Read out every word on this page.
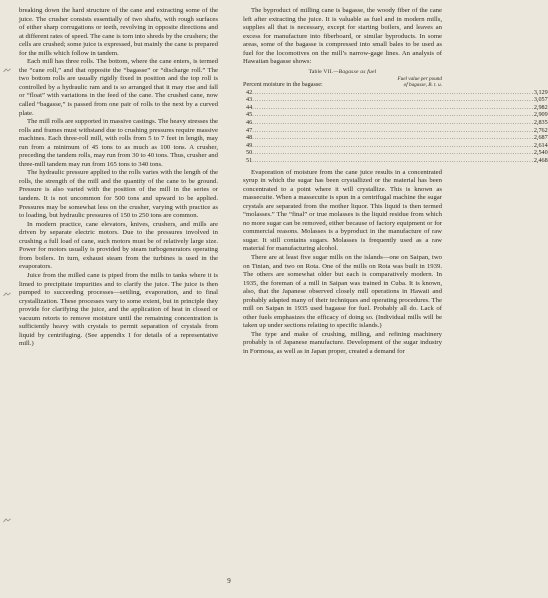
breaking down the hard structure of the cane and extracting some of the juice. The crusher consists essentially of two shafts, with rough surfaces of either sharp corrugations or teeth, revolving in opposite directions and at different rates of speed. The cane is torn into shreds by the crushers; the cells are crushed; some juice is expressed, but mainly the cane is prepared for the mills which follow in tandem.

Each mill has three rolls. The bottom, where the cane enters, is termed the “cane roll,” and that opposite the “bagasse” or “discharge roll.” The two bottom rolls are usually rigidly fixed in position and the top roll is controlled by a hydraulic ram and is so arranged that it may rise and fall or “float” with variations in the feed of the cane. The crushed cane, now called “bagasse,” is passed from one pair of rolls to the next by a curved plate.

The mill rolls are supported in massive castings. The heavy stresses the rolls and frames must withstand due to crushing pressures require massive machines. Each three-roll mill, with rolls from 5 to 7 feet in length, may run from a minimum of 45 tons to as much as 100 tons. A crusher, preceding the tandem rolls, may run from 30 to 40 tons. Thus, crusher and three-mill tandem may run from 165 tons to 340 tons.

The hydraulic pressure applied to the rolls varies with the length of the rolls, the strength of the mill and the quantity of the cane to be ground. Pressure is also varied with the position of the mill in the series or tandem. It is not uncommon for 500 tons and upward to be applied. Pressures may be somewhat less on the crusher, varying with practice as to loading, but hydraulic pressures of 150 to 250 tons are common.

In modern practice, cane elevators, knives, crushers, and mills are driven by separate electric motors. Due to the pressures involved in crushing a full load of cane, such motors must be of relatively large size. Power for motors usually is provided by steam turbogenerators operating from boilers. In turn, exhaust steam from the turbines is used in the evaporators.

Juice from the milled cane is piped from the mills to tanks where it is limed to precipitate impurities and to clarify the juice. The juice is then pumped to succeeding processes—settling, evaporation, and to final crystallization. These processes vary to some extent, but in principle they provide for clarifying the juice, and the application of heat in closed or vacuum retorts to remove moisture until the remaining concentration is sufficiently heavy with crystals to permit separation of crystals from liquid by centrifuging. (See appendix I for details of a representative mill.)

The byproduct of milling cane is bagasse, the woody fiber of the cane left after extracting the juice. It is valuable as fuel and in modern mills, supplies all that is necessary, except for starting boilers, and leaves an excess for manufacture into fiberboard, or similar byproducts. In some areas, some of the bagasse is compressed into small bales to be used as fuel for the locomotives on the mill’s narrow-gage lines. An analysis of Hawaiian bagasse shows:

Table VII.—Bagasse as fuel
Percent moisture in the bagasse:
Fuel value per pound
of bagasse, B. t. u.
42 ........................................................................................................................ 3,129
43 ........................................................................................................................ 3,057
44 ........................................................................................................................ 2,982
45 ........................................................................................................................ 2,909
46 ........................................................................................................................ 2,835
47 ........................................................................................................................ 2,762
48 ........................................................................................................................ 2,687
49 ........................................................................................................................ 2,614
50 ........................................................................................................................ 2,540
51 ........................................................................................................................ 2,468

Evaporation of moisture from the cane juice results in a concentrated syrup in which the sugar has been crystallized or the material has been concentrated to a point where it will crystallize. This is known as massecuite. When a massecuite is spun in a centrifugal machine the sugar crystals are separated from the mother liquor. This liquid is then termed “molasses.” The “final” or true molasses is the liquid residue from which no more sugar can be removed, either because of factory equipment or for commercial reasons. Molasses is a byproduct in the manufacture of raw sugar. It still contains sugars. Molasses is frequently used as a raw material for manufacturing alcohol.

There are at least five sugar mills on the islands—one on Saipan, two on Tinian, and two on Rota. One of the mills on Rota was built in 1939. The others are somewhat older but each is comparatively modern. In 1935, the foreman of a mill in Saipan was trained in Cuba. It is known, also, that the Japanese observed closely mill operations in Hawaii and probably adapted many of their techniques and operating procedures. The mill on Saipan in 1935 used bagasse for fuel. Probably all do. Lack of other fuels emphasizes the efficacy of doing so. (Individual mills will be taken up under sections relating to specific islands.)

The type and make of crushing, milling, and refining machinery probably is of Japanese manufacture. Development of the sugar industry in Formosa, as well as in Japan proper, created a demand for

9
